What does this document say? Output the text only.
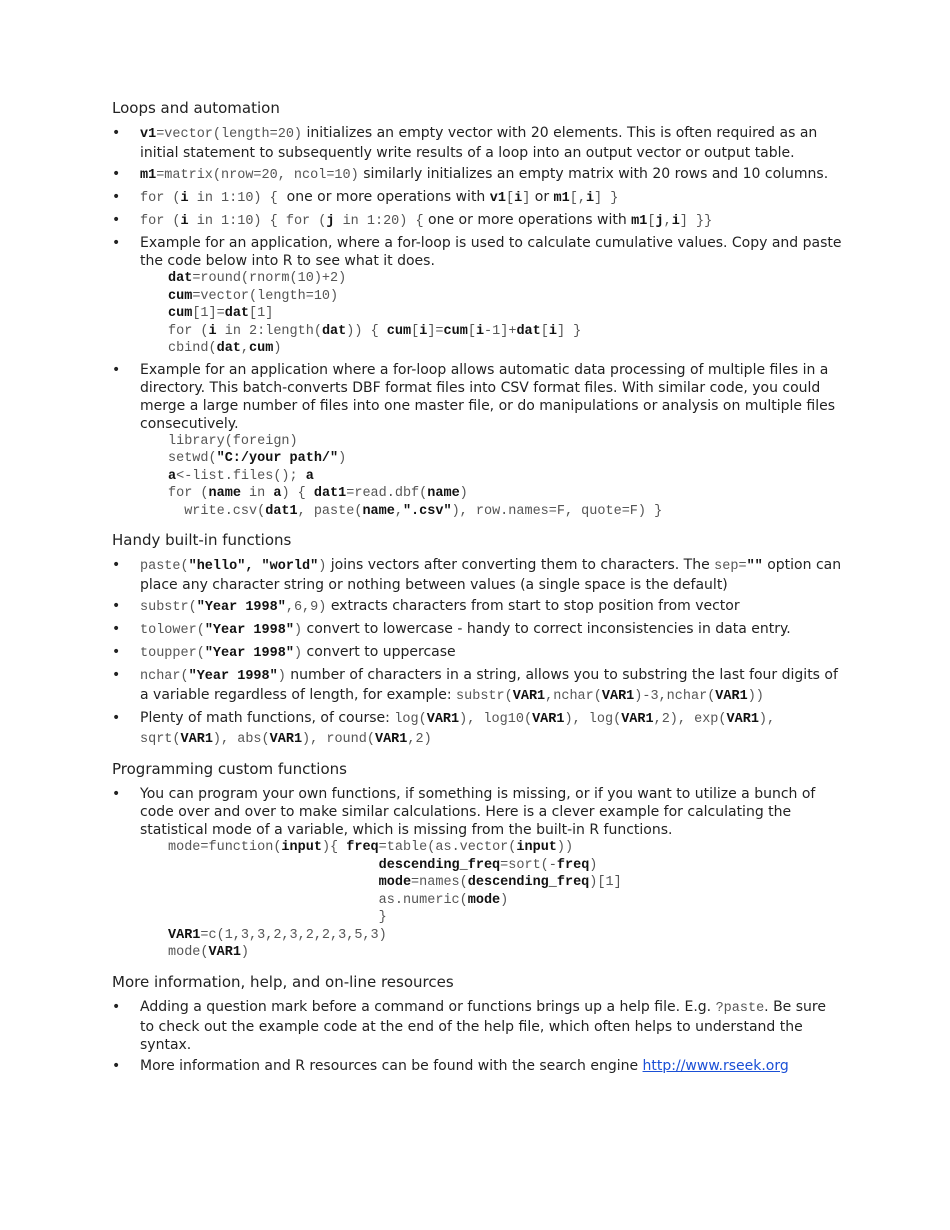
Loops and automation
• v1=vector(length=20) initializes an empty vector with 20 elements. This is often required as an initial statement to subsequently write results of a loop into an output vector or output table.
• m1=matrix(nrow=20, ncol=10) similarly initializes an empty matrix with 20 rows and 10 columns.
• for (i in 1:10) { one or more operations with v1[i] or m1[,i] }
• for (i in 1:10) { for (j in 1:20) { one or more operations with m1[j,i] }}
• Example for an application, where a for-loop is used to calculate cumulative values. Copy and paste the code below into R to see what it does.
dat=round(rnorm(10)+2)
cum=vector(length=10)
cum[1]=dat[1]
for (i in 2:length(dat)) { cum[i]=cum[i-1]+dat[i] }
cbind(dat,cum)
• Example for an application where a for-loop allows automatic data processing of multiple files in a directory. This batch-converts DBF format files into CSV format files. With similar code, you could merge a large number of files into one master file, or do manipulations or analysis on multiple files consecutively.
library(foreign)
setwd("C:/your path/")
a<-list.files(); a
for (name in a) { dat1=read.dbf(name)
write.csv(dat1, paste(name,".csv"), row.names=F, quote=F) }
Handy built-in functions
• paste("hello", "world") joins vectors after converting them to characters. The sep="" option can place any character string or nothing between values (a single space is the default)
• substr("Year 1998",6,9) extracts characters from start to stop position from vector
• tolower("Year 1998") convert to lowercase - handy to correct inconsistencies in data entry.
• toupper("Year 1998") convert to uppercase
• nchar("Year 1998") number of characters in a string, allows you to substring the last four digits of a variable regardless of length, for example: substr(VAR1,nchar(VAR1)-3,nchar(VAR1))
• Plenty of math functions, of course: log(VAR1), log10(VAR1), log(VAR1,2), exp(VAR1), sqrt(VAR1), abs(VAR1), round(VAR1,2)
Programming custom functions
• You can program your own functions, if something is missing, or if you want to utilize a bunch of code over and over to make similar calculations. Here is a clever example for calculating the statistical mode of a variable, which is missing from the built-in R functions.
mode=function(input){ freq=table(as.vector(input))
descending_freq=sort(-freq)
mode=names(descending_freq)[1]
as.numeric(mode)
}
VAR1=c(1,3,3,2,3,2,2,3,5,3)
mode(VAR1)
More information, help, and on-line resources
• Adding a question mark before a command or functions brings up a help file. E.g. ?paste. Be sure to check out the example code at the end of the help file, which often helps to understand the syntax.
• More information and R resources can be found with the search engine http://www.rseek.org
